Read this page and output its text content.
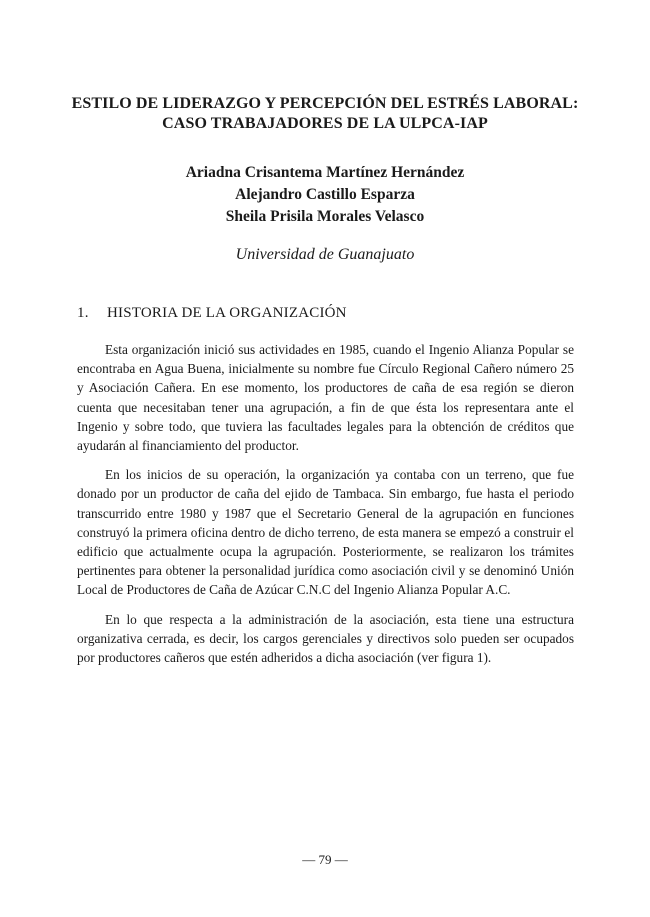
ESTILO DE LIDERAZGO Y PERCEPCIÓN DEL ESTRÉS LABORAL:
CASO TRABAJADORES DE LA ULPCA-IAP
Ariadna Crisantema Martínez Hernández
Alejandro Castillo Esparza
Sheila Prisila Morales Velasco
Universidad de Guanajuato
1. HISTORIA DE LA ORGANIZACIÓN

Esta organización inició sus actividades en 1985, cuando el Ingenio Alianza Popular se encontraba en Agua Buena, inicialmente su nombre fue Círculo Regional Cañero número 25 y Asociación Cañera. En ese momento, los productores de caña de esa región se dieron cuenta que necesitaban tener una agrupación, a fin de que ésta los representara ante el Ingenio y sobre todo, que tuviera las facultades legales para la obtención de créditos que ayudarán al financiamiento del productor.

En los inicios de su operación, la organización ya contaba con un terreno, que fue donado por un productor de caña del ejido de Tambaca. Sin embargo, fue hasta el periodo transcurrido entre 1980 y 1987 que el Secretario General de la agrupación en funciones construyó la primera oficina dentro de dicho terreno, de esta manera se empezó a construir el edificio que actualmente ocupa la agrupación. Posteriormente, se realizaron los trámites pertinentes para obtener la personalidad jurídica como asociación civil y se denominó Unión Local de Productores de Caña de Azúcar C.N.C del Ingenio Alianza Popular A.C.

En lo que respecta a la administración de la asociación, esta tiene una estructura organizativa cerrada, es decir, los cargos gerenciales y directivos solo pueden ser ocupados por productores cañeros que estén adheridos a dicha asociación (ver figura 1).

— 79 —
